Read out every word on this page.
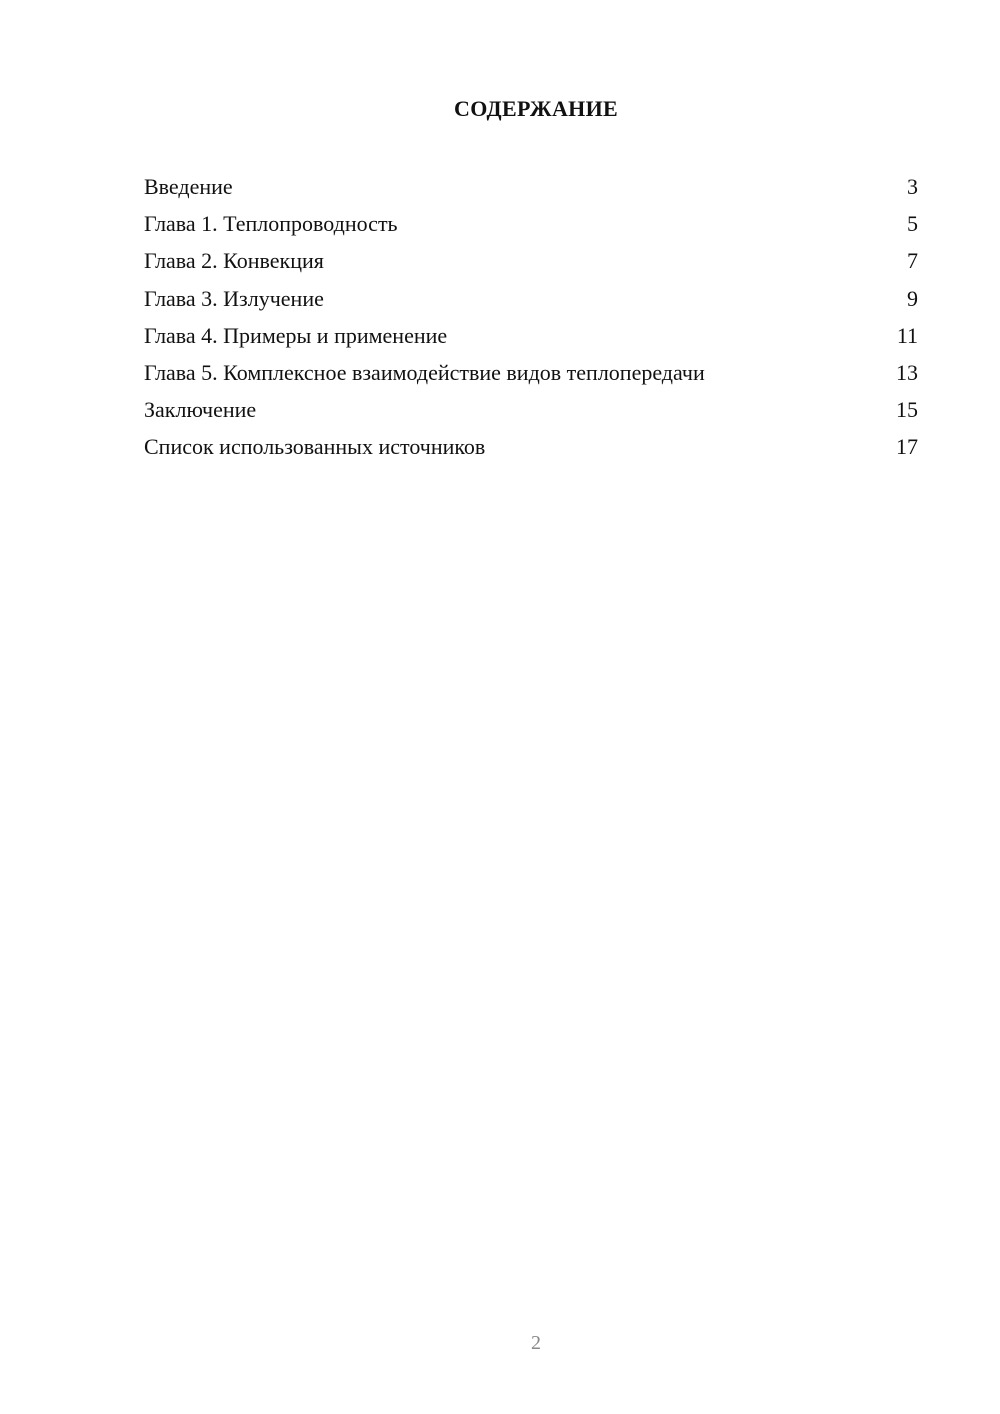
СОДЕРЖАНИЕ
Введение	3
Глава 1. Теплопроводность	5
Глава 2. Конвекция	7
Глава 3. Излучение	9
Глава 4. Примеры и применение	11
Глава 5. Комплексное взаимодействие видов теплопередачи	13
Заключение	15
Список использованных источников	17
2
